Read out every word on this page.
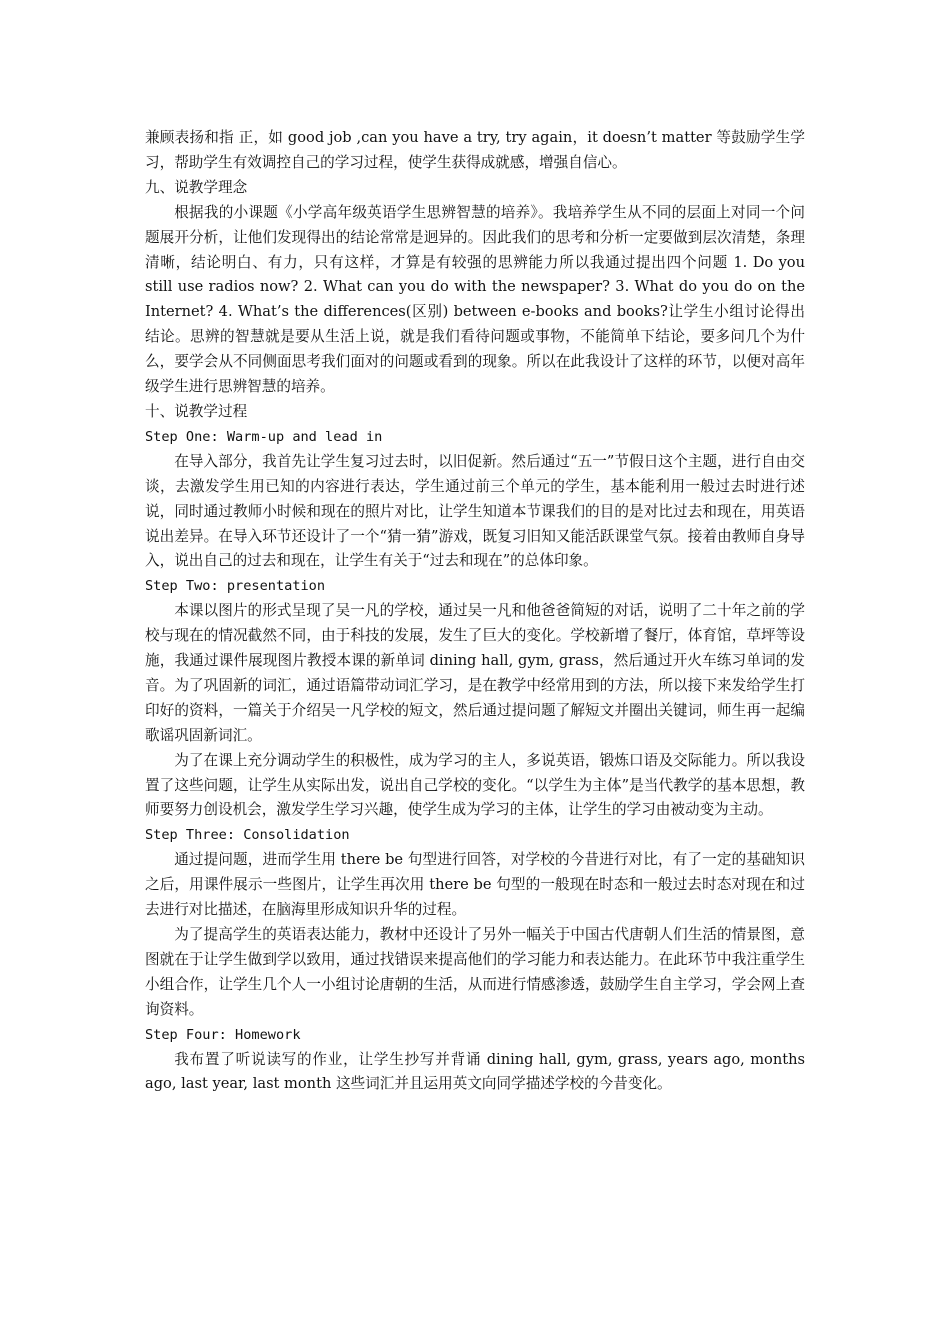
兼顾表扬和指 正，如 good job ,can you have a try, try again，it doesn’t matter 等鼓励学生学习，帮助学生有效调控自己的学习过程，使学生获得成就感，增强自信心。

九、说教学理念

根据我的小课题《小学高年级英语学生思辨智慧的培养》。我培养学生从不同的层面上对同一个问题展开分析，让他们发现得出的结论常常是迥异的。因此我们的思考和分析一定要做到层次清楚，条理清晰，结论明白、有力，只有这样，才算是有较强的思辨能力所以我通过提出四个问题 1. Do you still use radios now? 2. What can you do with the newspaper? 3. What do you do on the Internet? 4. What’s the differences(区别) between e-books and books?让学生小组讨论得出结论。思辨的智慧就是要从生活上说，就是我们看待问题或事物，不能简单下结论，要多问几个为什么，要学会从不同侧面思考我们面对的问题或看到的现象。所以在此我设计了这样的环节，以便对高年级学生进行思辨智慧的培养。

十、说教学过程

Step One: Warm-up and lead in

在导入部分，我首先让学生复习过去时，以旧促新。然后通过“五一”节假日这个主题，进行自由交谈，去激发学生用已知的内容进行表达，学生通过前三个单元的学生，基本能利用一般过去时进行述说，同时通过教师小时候和现在的照片对比，让学生知道本节课我们的目的是对比过去和现在，用英语说出差异。在导入环节还设计了一个“猜一猜”游戏，既复习旧知又能活跃课堂气氛。接着由教师自身导入，说出自己的过去和现在，让学生有关于“过去和现在”的总体印象。

Step Two: presentation

本课以图片的形式呈现了吴一凡的学校，通过吴一凡和他爸爸简短的对话，说明了二十年之前的学校与现在的情况截然不同，由于科技的发展，发生了巨大的变化。学校新增了餐厅，体育馆，草坪等设施，我通过课件展现图片教授本课的新单词 dining hall, gym, grass，然后通过开火车练习单词的发音。为了巩固新的词汇，通过语篇带动词汇学习，是在教学中经常用到的方法，所以接下来发给学生打印好的资料，一篇关于介绍吴一凡学校的短文，然后通过提问题了解短文并圈出关键词，师生再一起编歌谣巩固新词汇。

为了在课上充分调动学生的积极性，成为学习的主人，多说英语，锻炼口语及交际能力。所以我设置了这些问题，让学生从实际出发，说出自己学校的变化。“以学生为主体”是当代教学的基本思想，教师要努力创设机会，激发学生学习兴趣，使学生成为学习的主体，让学生的学习由被动变为主动。

Step Three: Consolidation

通过提问题，进而学生用 there be 句型进行回答，对学校的今昔进行对比，有了一定的基础知识之后，用课件展示一些图片，让学生再次用 there be 句型的一般现在时态和一般过去时态对现在和过去进行对比描述，在脑海里形成知识升华的过程。

为了提高学生的英语表达能力，教材中还设计了另外一幅关于中国古代唐朝人们生活的情景图，意图就在于让学生做到学以致用，通过找错误来提高他们的学习能力和表达能力。在此环节中我注重学生小组合作，让学生几个人一小组讨论唐朝的生活，从而进行情感渗透，鼓励学生自主学习，学会网上查询资料。

Step Four: Homework

我布置了听说读写的作业，让学生抄写并背诵 dining hall, gym, grass, years ago, months ago, last year, last month 这些词汇并且运用英文向同学描述学校的今昔变化。
